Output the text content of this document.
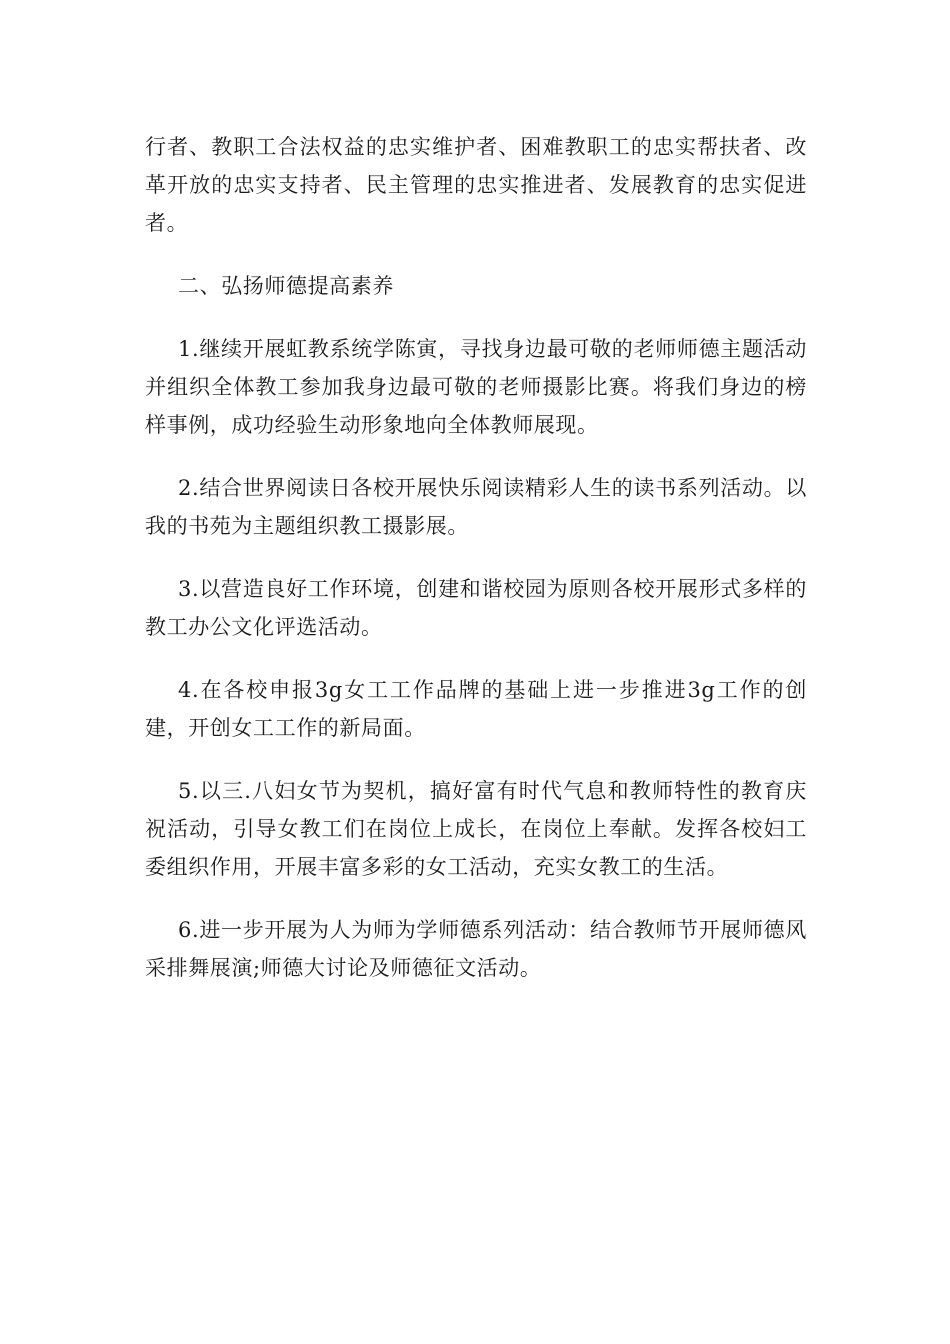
行者、教职工合法权益的忠实维护者、困难教职工的忠实帮扶者、改革开放的忠实支持者、民主管理的忠实推进者、发展教育的忠实促进者。

二、弘扬师德提高素养

1.继续开展虹教系统学陈寅，寻找身边最可敬的老师师德主题活动并组织全体教工参加我身边最可敬的老师摄影比赛。将我们身边的榜样事例，成功经验生动形象地向全体教师展现。

2.结合世界阅读日各校开展快乐阅读精彩人生的读书系列活动。以我的书苑为主题组织教工摄影展。

3.以营造良好工作环境，创建和谐校园为原则各校开展形式多样的教工办公文化评选活动。

4.在各校申报3g女工工作品牌的基础上进一步推进3g工作的创建，开创女工工作的新局面。

5.以三.八妇女节为契机，搞好富有时代气息和教师特性的教育庆祝活动，引导女教工们在岗位上成长，在岗位上奉献。发挥各校妇工委组织作用，开展丰富多彩的女工活动，充实女教工的生活。

6.进一步开展为人为师为学师德系列活动：结合教师节开展师德风采排舞展演;师德大讨论及师德征文活动。
